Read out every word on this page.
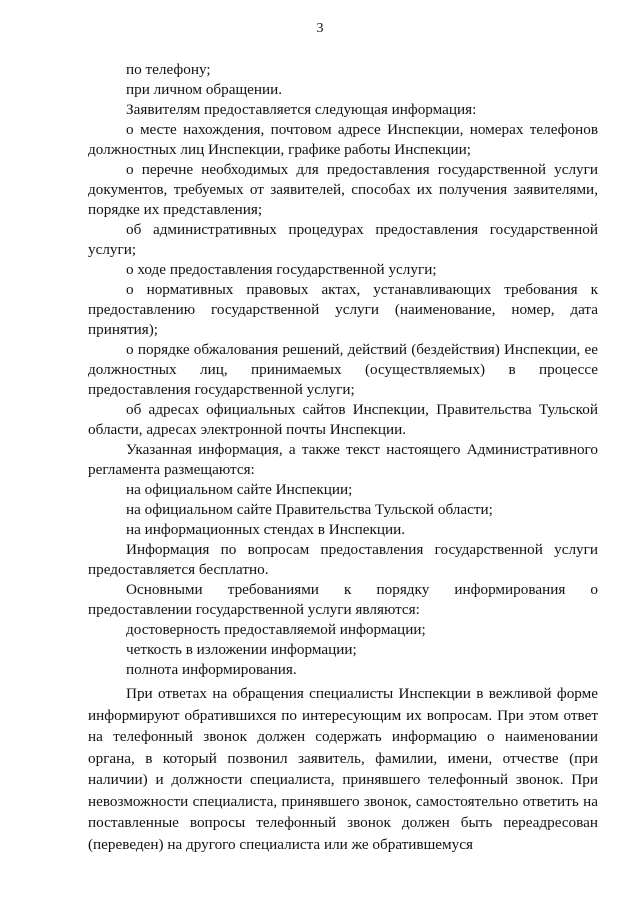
3

по телефону;

при личном обращении.

Заявителям предоставляется следующая информация:

о месте нахождения, почтовом адресе Инспекции, номерах телефонов должностных лиц Инспекции, графике работы Инспекции;

о перечне необходимых для предоставления государственной услуги документов, требуемых от заявителей, способах их получения заявителями, порядке их представления;

об административных процедурах предоставления государственной услуги;

о ходе предоставления государственной услуги;

о нормативных правовых актах, устанавливающих требования к предоставлению государственной услуги (наименование, номер, дата принятия);

о порядке обжалования решений, действий (бездействия) Инспекции, ее должностных лиц, принимаемых (осуществляемых) в процессе предоставления государственной услуги;

об адресах официальных сайтов Инспекции, Правительства Тульской области, адресах электронной почты Инспекции.

Указанная информация, а также текст настоящего Административного регламента размещаются:

на официальном сайте Инспекции;

на официальном сайте Правительства Тульской области;

на информационных стендах в Инспекции.

Информация по вопросам предоставления государственной услуги предоставляется бесплатно.

Основными требованиями к порядку информирования о предоставлении государственной услуги являются:

достоверность предоставляемой информации;

четкость в изложении информации;

полнота информирования.

При ответах на обращения специалисты Инспекции в вежливой форме информируют обратившихся по интересующим их вопросам. При этом ответ на телефонный звонок должен содержать информацию о наименовании органа, в который позвонил заявитель, фамилии, имени, отчестве (при наличии) и должности специалиста, принявшего телефонный звонок. При невозможности специалиста, принявшего звонок, самостоятельно ответить на поставленные вопросы телефонный звонок должен быть переадресован (переведен) на другого специалиста или же обратившемуся
